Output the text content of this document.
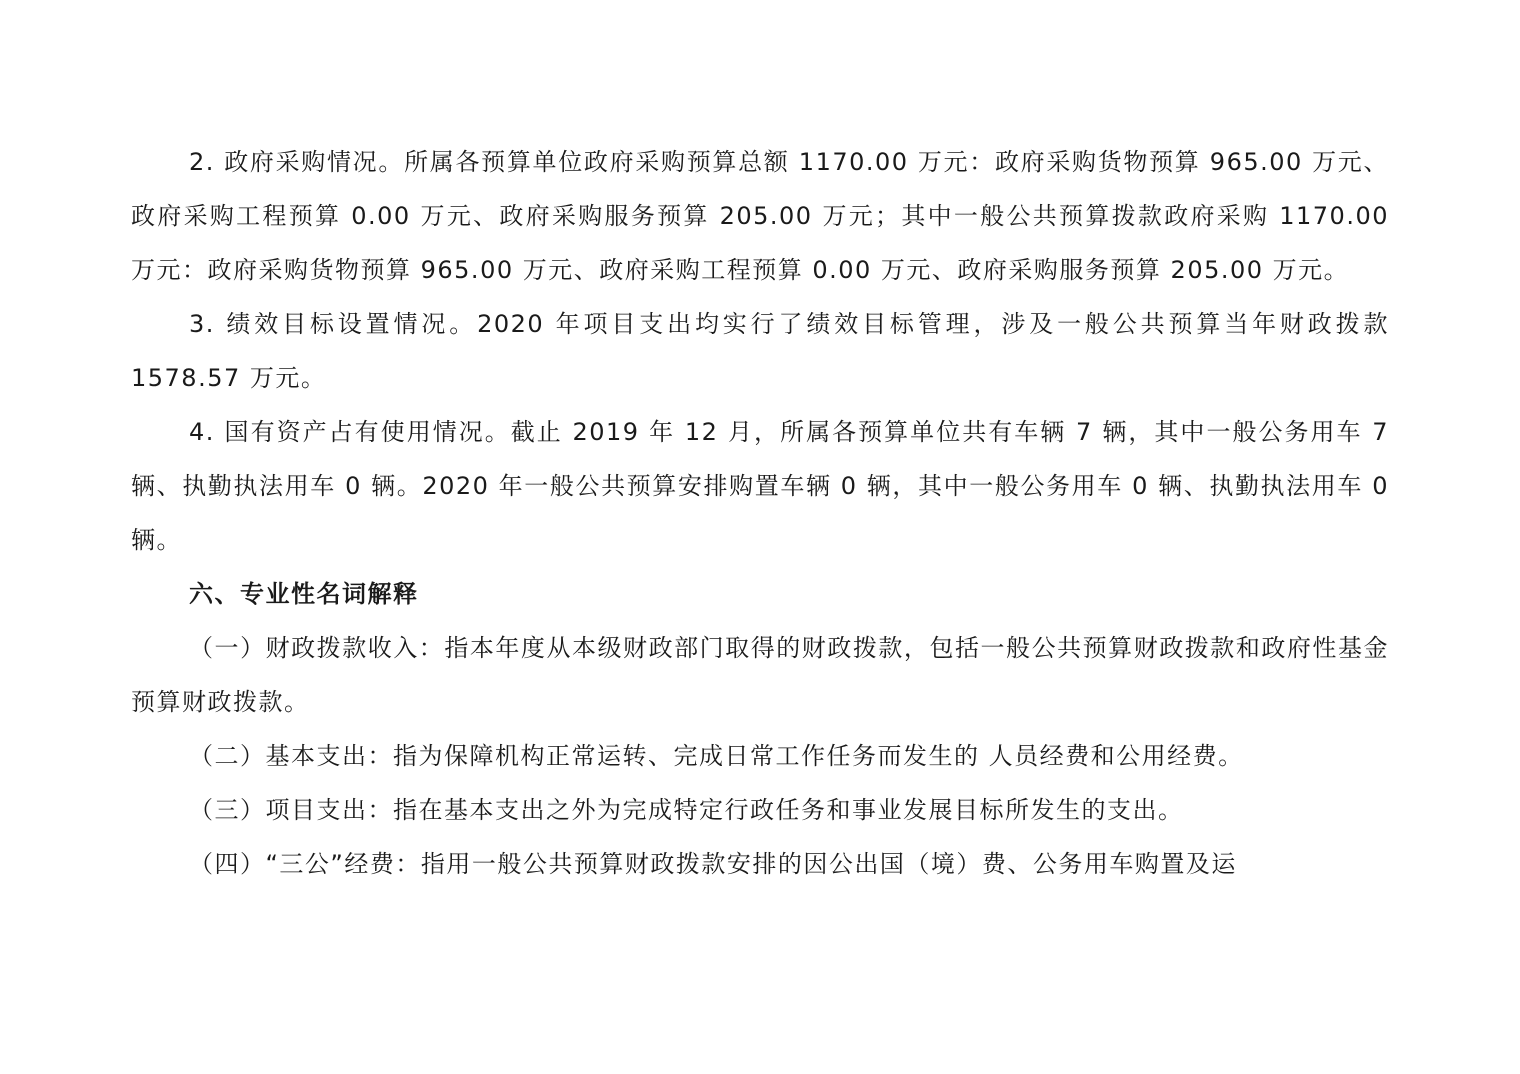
2. 政府采购情况。所属各预算单位政府采购预算总额 1170.00 万元：政府采购货物预算 965.00 万元、政府采购工程预算 0.00 万元、政府采购服务预算 205.00 万元；其中一般公共预算拨款政府采购 1170.00 万元：政府采购货物预算 965.00 万元、政府采购工程预算 0.00 万元、政府采购服务预算 205.00 万元。

3. 绩效目标设置情况。2020 年项目支出均实行了绩效目标管理，涉及一般公共预算当年财政拨款 1578.57 万元。

4. 国有资产占有使用情况。截止 2019 年 12 月，所属各预算单位共有车辆 7 辆，其中一般公务用车 7 辆、执勤执法用车 0 辆。2020 年一般公共预算安排购置车辆 0 辆，其中一般公务用车 0 辆、执勤执法用车 0 辆。

六、专业性名词解释

（一）财政拨款收入：指本年度从本级财政部门取得的财政拨款，包括一般公共预算财政拨款和政府性基金预算财政拨款。

（二）基本支出：指为保障机构正常运转、完成日常工作任务而发生的 人员经费和公用经费。

（三）项目支出：指在基本支出之外为完成特定行政任务和事业发展目标所发生的支出。

（四）“三公”经费：指用一般公共预算财政拨款安排的因公出国（境）费、公务用车购置及运
